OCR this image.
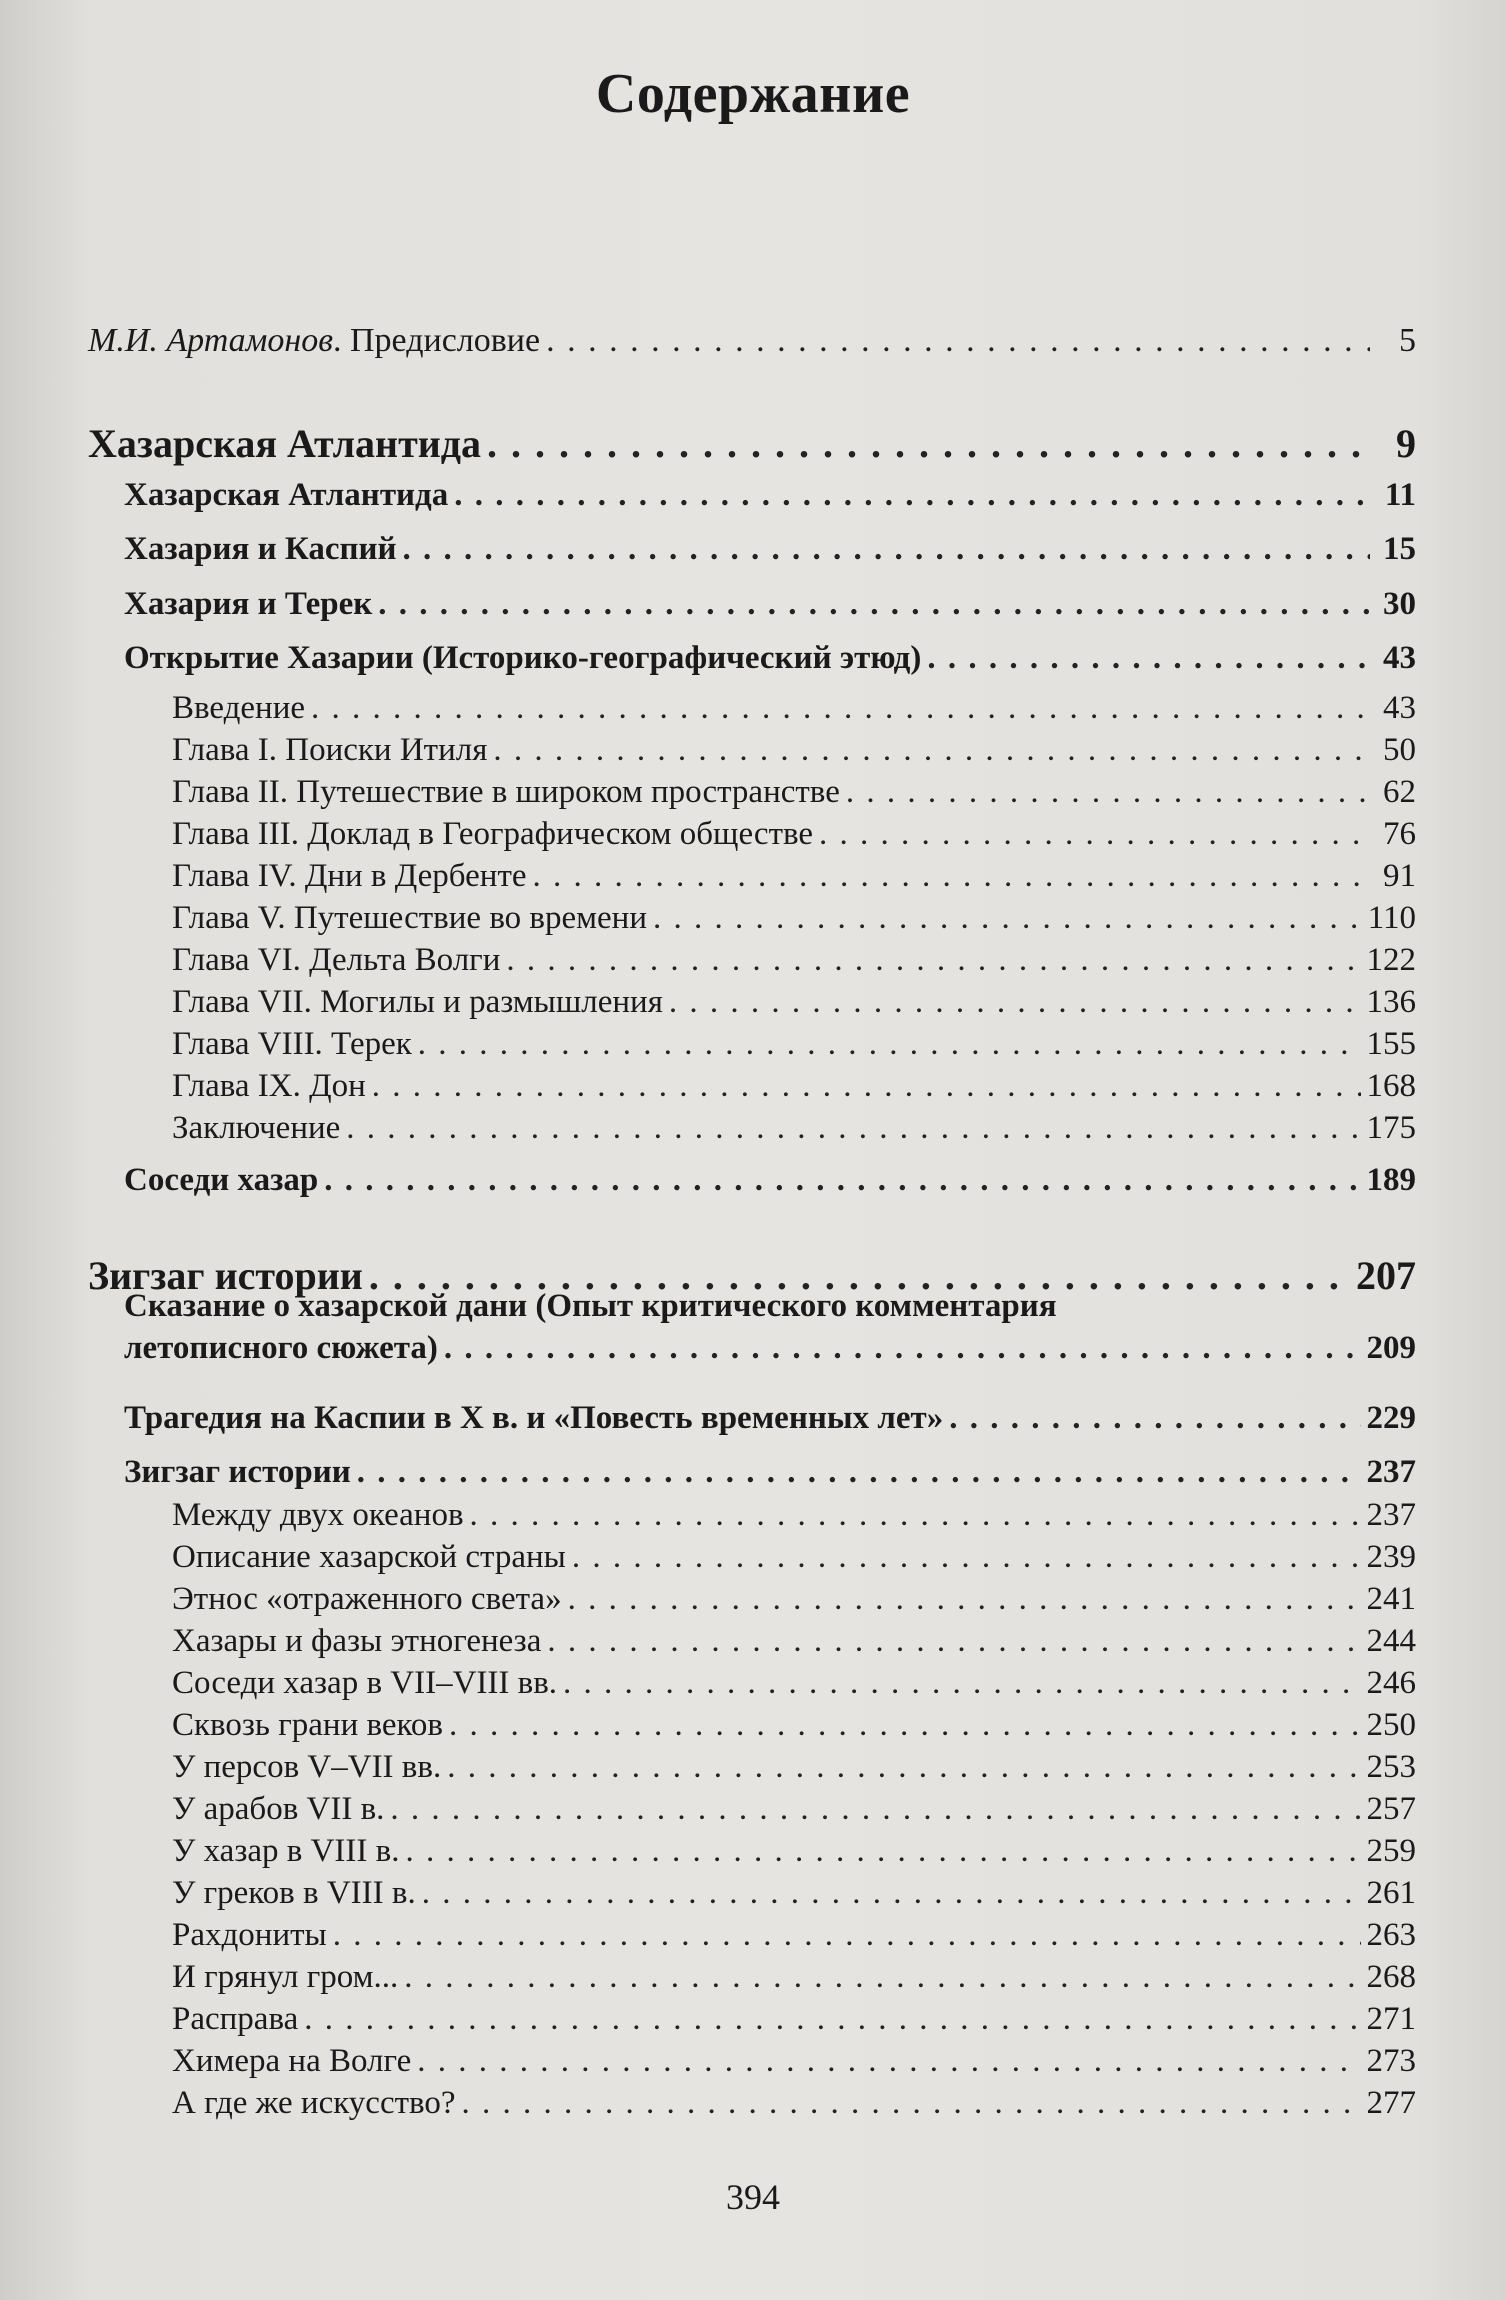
Содержание
М.И. Артамонов. Предисловие . . .	5
Хазарская Атлантида . . .	9
Хазарская Атлантида . . .	11
Хазария и Каспий . . .	15
Хазария и Терек . . .	30
Открытие Хазарии (Историко-географический этюд) . . .	43
Введение . . .	43
Глава I. Поиски Итиля . . .	50
Глава II. Путешествие в широком пространстве . . .	62
Глава III. Доклад в Географическом обществе . . .	76
Глава IV. Дни в Дербенте . . .	91
Глава V. Путешествие во времени . . .	110
Глава VI. Дельта Волги . . .	122
Глава VII. Могилы и размышления . . .	136
Глава VIII. Терек . . .	155
Глава IX. Дон . . .	168
Заключение . . .	175
Соседи хазар . . .	189
Зигзаг истории . . .	207
Сказание о хазарской дани (Опыт критического комментария
летописного сюжета) . . .	209
Трагедия на Каспии в X в. и «Повесть временных лет» . . .	229
Зигзаг истории . . .	237
Между двух океанов . . .	237
Описание хазарской страны . . .	239
Этнос «отраженного света» . . .	241
Хазары и фазы этногенеза . . .	244
Соседи хазар в VII–VIII вв. . . .	246
Сквозь грани веков . . .	250
У персов V–VII вв. . . .	253
У арабов VII в. . . .	257
У хазар в VIII в. . . .	259
У греков в VIII в. . . .	261
Рахдониты . . .	263
И грянул гром... . . .	268
Расправа . . .	271
Химера на Волге . . .	273
А где же искусство? . . .	277
394
